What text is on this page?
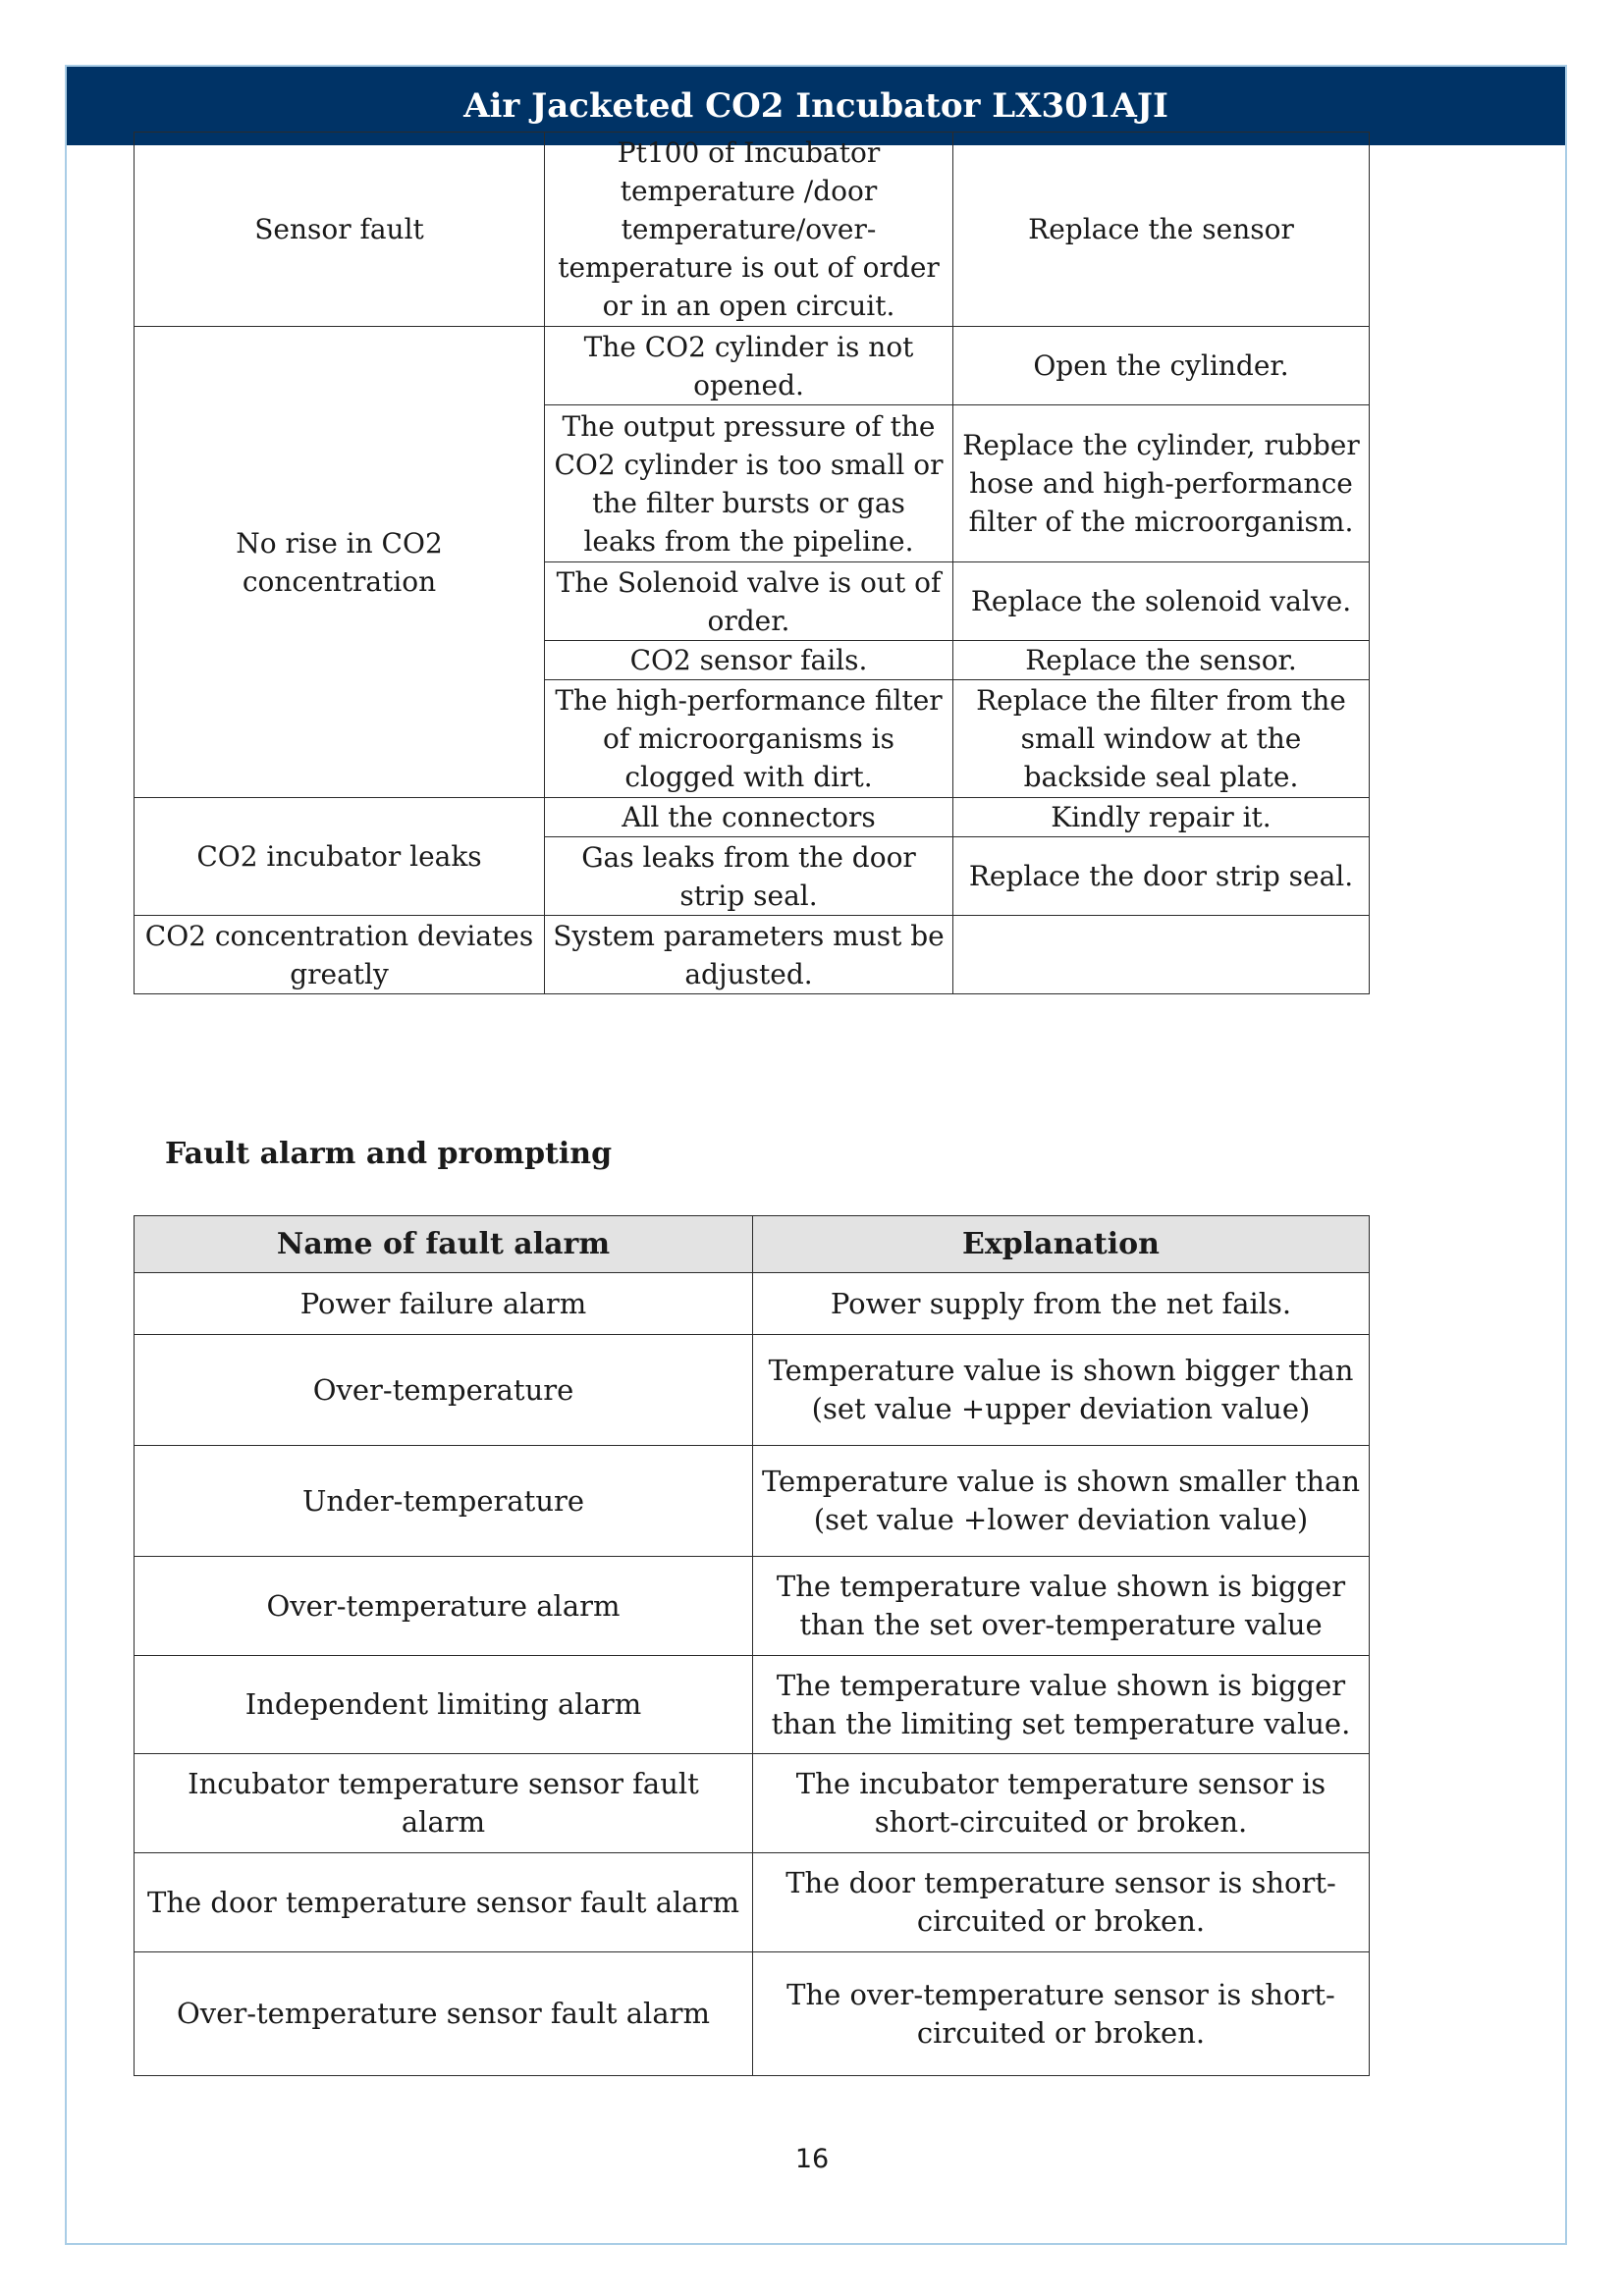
Air Jacketed CO2 Incubator LX301AJI
Sensor fault	Pt100 of Incubator temperature /door temperature/over-temperature is out of order or in an open circuit.	Replace the sensor
No rise in CO2 concentration	The CO2 cylinder is not opened.	Open the cylinder.
	The output pressure of the CO2 cylinder is too small or the filter bursts or gas leaks from the pipeline.	Replace the cylinder, rubber hose and high-performance filter of the microorganism.
	The Solenoid valve is out of order.	Replace the solenoid valve.
	CO2 sensor fails.	Replace the sensor.
	The high-performance filter of microorganisms is clogged with dirt.	Replace the filter from the small window at the backside seal plate.
CO2 incubator leaks	All the connectors	Kindly repair it.
	Gas leaks from the door strip seal.	Replace the door strip seal.
CO2 concentration deviates greatly	System parameters must be adjusted.	
Fault alarm and prompting
Name of fault alarm	Explanation
Power failure alarm	Power supply from the net fails.
Over-temperature	Temperature value is shown bigger than (set value +upper deviation value)
Under-temperature	Temperature value is shown smaller than (set value +lower deviation value)
Over-temperature alarm	The temperature value shown is bigger than the set over-temperature value
Independent limiting alarm	The temperature value shown is bigger than the limiting set temperature value.
Incubator temperature sensor fault alarm	The incubator temperature sensor is short-circuited or broken.
The door temperature sensor fault alarm	The door temperature sensor is short-circuited or broken.
Over-temperature sensor fault alarm	The over-temperature sensor is short-circuited or broken.
16
